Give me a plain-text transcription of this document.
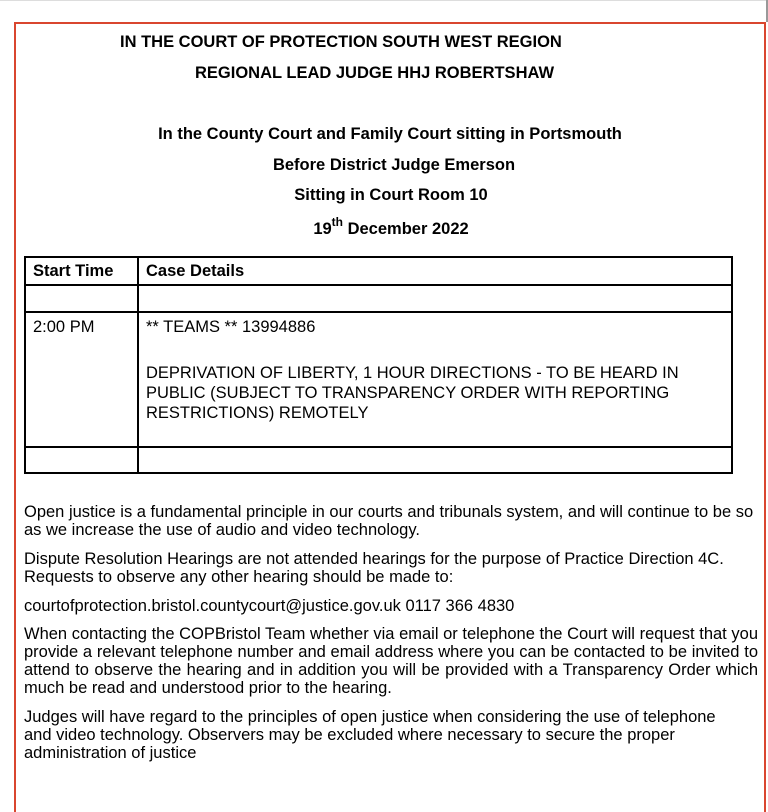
IN THE COURT OF PROTECTION SOUTH WEST REGION
REGIONAL LEAD JUDGE HHJ ROBERTSHAW
In the County Court and Family Court sitting in Portsmouth
Before District Judge Emerson
Sitting in Court Room 10
19th December 2022
Start Time	Case Details

2:00 PM	** TEAMS ** 13994886
DEPRIVATION OF LIBERTY, 1 HOUR DIRECTIONS - TO BE HEARD IN PUBLIC (SUBJECT TO TRANSPARENCY ORDER WITH REPORTING RESTRICTIONS) REMOTELY

Open justice is a fundamental principle in our courts and tribunals system, and will continue to be so as we increase the use of audio and video technology.
Dispute Resolution Hearings are not attended hearings for the purpose of Practice Direction 4C. Requests to observe any other hearing should be made to:
courtofprotection.bristol.countycourt@justice.gov.uk 0117 366 4830
When contacting the COPBristol Team whether via email or telephone the Court will request that you provide a relevant telephone number and email address where you can be contacted to be invited to attend to observe the hearing and in addition you will be provided with a Transparency Order which much be read and understood prior to the hearing.
Judges will have regard to the principles of open justice when considering the use of telephone and video technology. Observers may be excluded where necessary to secure the proper administration of justice
